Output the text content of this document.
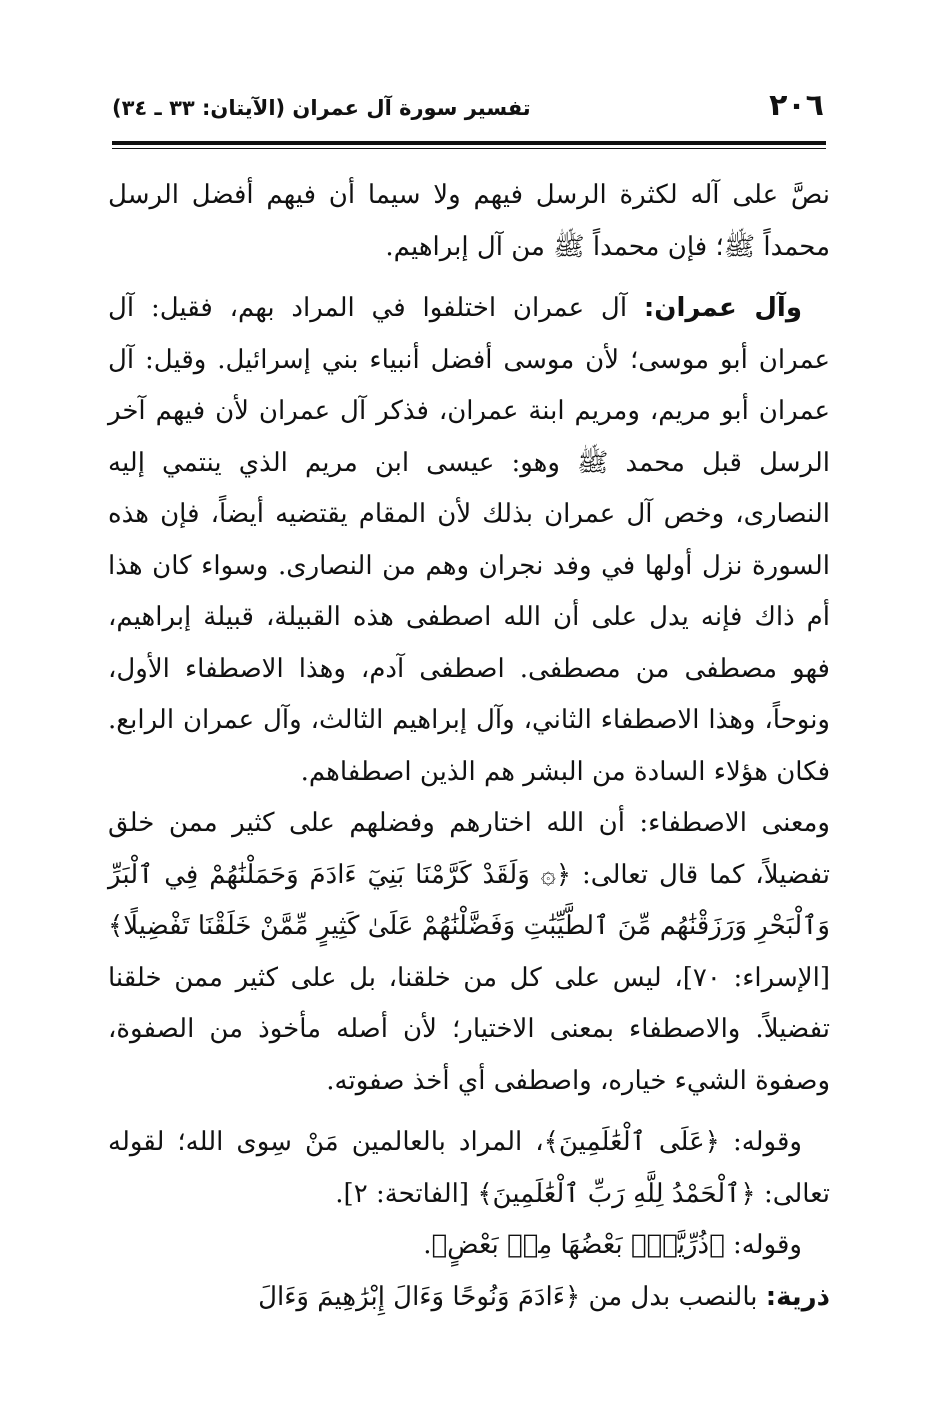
٢٠٦
تفسير سورة آل عمران (الآيتان: ٣٣ ـ ٣٤)

نصَّ على آله لكثرة الرسل فيهم ولا سيما أن فيهم أفضل الرسل محمداً ﷺ؛ فإن محمداً ﷺ من آل إبراهيم.

وآل عمران: آل عمران اختلفوا في المراد بهم، فقيل: آل عمران أبو موسى؛ لأن موسى أفضل أنبياء بني إسرائيل. وقيل: آل عمران أبو مريم، ومريم ابنة عمران، فذكر آل عمران لأن فيهم آخر الرسل قبل محمد ﷺ وهو: عيسى ابن مريم الذي ينتمي إليه النصارى، وخص آل عمران بذلك لأن المقام يقتضيه أيضاً، فإن هذه السورة نزل أولها في وفد نجران وهم من النصارى. وسواء كان هذا أم ذاك فإنه يدل على أن الله اصطفى هذه القبيلة، قبيلة إبراهيم، فهو مصطفى من مصطفى. اصطفى آدم، وهذا الاصطفاء الأول، ونوحاً، وهذا الاصطفاء الثاني، وآل إبراهيم الثالث، وآل عمران الرابع. فكان هؤلاء السادة من البشر هم الذين اصطفاهم.

ومعنى الاصطفاء: أن الله اختارهم وفضلهم على كثير ممن خلق تفضيلاً، كما قال تعالى: ﴿۞ وَلَقَدْ كَرَّمْنَا بَنِيٓ ءَادَمَ وَحَمَلْنَٰهُمْ فِي ٱلْبَرِّ وَٱلْبَحْرِ وَرَزَقْنَٰهُم مِّنَ ٱلطَّيِّبَٰتِ وَفَضَّلْنَٰهُمْ عَلَىٰ كَثِيرٍ مِّمَّنْ خَلَقْنَا تَفْضِيلًا﴾ [الإسراء: ٧٠]، ليس على كل من خلقنا، بل على كثير ممن خلقنا تفضيلاً. والاصطفاء بمعنى الاختيار؛ لأن أصله مأخوذ من الصفوة، وصفوة الشيء خياره، واصطفى أي أخذ صفوته.

وقوله: ﴿عَلَى ٱلْعَٰلَمِينَ﴾، المراد بالعالمين مَنْ سِوى الله؛ لقوله تعالى: ﴿ٱلْحَمْدُ لِلَّهِ رَبِّ ٱلْعَٰلَمِينَ﴾ [الفاتحة: ٢].

وقوله: ﴿ذُرِّيَّةًۢ بَعْضُهَا مِنۢ بَعْضٍ﴾.

ذرية: بالنصب بدل من ﴿ءَادَمَ وَنُوحًا وَءَالَ إِبْرَٰهِيمَ وَءَالَ
